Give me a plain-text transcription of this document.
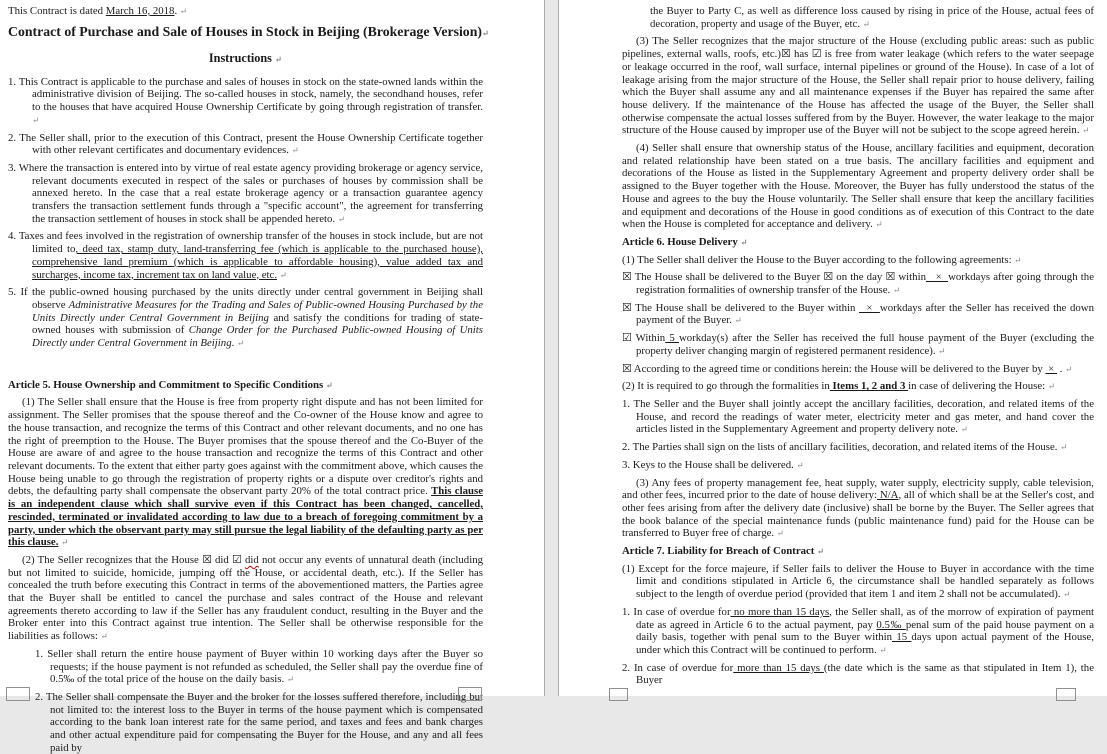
This Contract is dated March 16, 2018. ↵
Contract of Purchase and Sale of Houses in Stock in Beijing (Brokerage Version)↵
Instructions ↵
1. This Contract is applicable to the purchase and sales of houses in stock on the state-owned lands within the administrative division of Beijing. The so-called houses in stock, namely, the secondhand houses, refer to the houses that have acquired House Ownership Certificate by going through registration of transfer. ↵
2. The Seller shall, prior to the execution of this Contract, present the House Ownership Certificate together with other relevant certificates and documentary evidences. ↵
3. Where the transaction is entered into by virtue of real estate agency providing brokerage or agency service, relevant documents executed in respect of the sales or purchases of houses by commission shall be annexed hereto. In the case that a real estate brokerage agency or a transaction guarantee agency transfers the transaction settlement funds through a "specific account", the agreement for transferring the transaction settlement of houses in stock shall be appended hereto. ↵
4. Taxes and fees involved in the registration of ownership transfer of the houses in stock include, but are not limited to, deed tax, stamp duty, land-transferring fee (which is applicable to the purchased house), comprehensive land premium (which is applicable to affordable housing), value added tax and surcharges, income tax, increment tax on land value, etc. ↵
5. If the public-owned housing purchased by the units directly under central government in Beijing shall observe Administrative Measures for the Trading and Sales of Public-owned Housing Purchased by the Units Directly under Central Government in Beijing and satisfy the conditions for trading of state-owned houses with submission of Change Order for the Purchased Public-owned Housing of Units Directly under Central Government in Beijing. ↵
Article 5. House Ownership and Commitment to Specific Conditions ↵
(1) The Seller shall ensure that the House is free from property right dispute and has not been limited for assignment. The Seller promises that the spouse thereof and the Co-owner of the House know and agree to the house transaction, and recognize the terms of this Contract and other relevant documents, and no one has the right of preemption to the House. The Buyer promises that the spouse thereof and the Co-Buyer of the House are aware of and agree to the house transaction and recognize the terms of this Contract and other relevant documents. To the extent that either party goes against with the commitment above, which causes the House being unable to go through the registration of property rights or a dispute over creditor's rights and debts, the defaulting party shall compensate the observant party 20% of the total contract price. This clause is an independent clause which shall survive even if this Contract has been changed, cancelled, rescinded, terminated or invalidated according to law due to a breach of foregoing commitment by a party, under which the observant party may still pursue the legal liability of the defaulting party as per this clause. ↵
(2) The Seller recognizes that the House ☒ did ☑ did not occur any events of unnatural death (including but not limited to suicide, homicide, jumping off the House, or accidental death, etc.). If the Seller has concealed the truth before executing this Contract in terms of the abovementioned matters, the Parties agree that the Buyer shall be entitled to cancel the purchase and sales contract of the House and relevant agreements thereto according to law if the Seller has any fraudulent conduct, resulting in the Buyer and the Broker enter into this Contract against true intention. The Seller shall be otherwise responsible for the liabilities as follows: ↵
1. Seller shall return the entire house payment of Buyer within 10 working days after the Buyer so requests; if the house payment is not refunded as scheduled, the Seller shall pay the overdue fine of 0.5‰ of the total price of the house on the daily basis. ↵
2. The Seller shall compensate the Buyer and the broker for the losses suffered therefore, including but not limited to: the interest loss to the Buyer in terms of the house payment which is compensated according to the bank loan interest rate for the same period, and taxes and fees and bank charges and other actual expenditure paid for compensating the Buyer for the House, and any and all fees paid by
the Buyer to Party C, as well as difference loss caused by rising in price of the House, actual fees of decoration, property and usage of the Buyer, etc. ↵
(3) The Seller recognizes that the major structure of the House (excluding public areas: such as public pipelines, external walls, roofs, etc.)☒ has ☑ is free from water leakage (which refers to the water seepage or leakage occurred in the roof, wall surface, internal pipelines or ground of the House). In case of a lot of leakage arising from the major structure of the House, the Seller shall repair prior to house delivery, failing which the Buyer shall assume any and all maintenance expenses if the Buyer has repaired the same after house delivery. If the maintenance of the House has affected the usage of the Buyer, the Seller shall otherwise compensate the actual losses suffered from by the Buyer. However, the water leakage to the major structure of the House caused by improper use of the Buyer will not be subject to the scope agreed herein. ↵
(4) Seller shall ensure that ownership status of the House, ancillary facilities and equipment, decoration and related relationship have been stated on a true basis. The ancillary facilities and equipment and decorations of the House as listed in the Supplementary Agreement and property delivery order shall be assigned to the Buyer together with the House. Moreover, the Buyer has fully understood the status of the House and agrees to the buy the House voluntarily. The Seller shall ensure that keep the ancillary facilities and equipment and decorations of the House in good conditions as of execution of this Contract to the date when the House is completed for acceptance and delivery. ↵
Article 6. House Delivery ↵
(1) The Seller shall deliver the House to the Buyer according to the following agreements: ↵
☒ The House shall be delivered to the Buyer ☒ on the day ☒ within   ×  workdays after going through the registration formalities of ownership transfer of the House. ↵
☒ The House shall be delivered to the Buyer within   ×  workdays after the Seller has received the down payment of the Buyer. ↵
☑ Within 5 workday(s) after the Seller has received the full house payment of the Buyer (excluding the property deliver changing margin of registered permanent residence). ↵
☒ According to the agreed time or conditions herein: the House will be delivered to the Buyer by  ×  . ↵
(2) It is required to go through the formalities in Items 1, 2 and 3 in case of delivering the House: ↵
1. The Seller and the Buyer shall jointly accept the ancillary facilities, decoration, and related items of the House, and record the readings of water meter, electricity meter and gas meter, and hand cover the articles listed in the Supplementary Agreement and property delivery note. ↵
2. The Parties shall sign on the lists of ancillary facilities, decoration, and related items of the House. ↵
3. Keys to the House shall be delivered. ↵
(3) Any fees of property management fee, heat supply, water supply, electricity supply, cable television, and other fees, incurred prior to the date of house delivery: N/A, all of which shall be at the Seller's cost, and other fees arising from after the delivery date (inclusive) shall be borne by the Buyer. The Seller agrees that the book balance of the special maintenance funds (public maintenance fund) paid for the House can be transferred to Buyer free of charge. ↵
Article 7. Liability for Breach of Contract ↵
(1) Except for the force majeure, if Seller fails to deliver the House to Buyer in accordance with the time limit and conditions stipulated in Article 6, the circumstance shall be handled separately as follows subject to the length of overdue period (provided that item 1 and item 2 shall not be accumulated). ↵
1. In case of overdue for no more than 15 days, the Seller shall, as of the morrow of expiration of payment date as agreed in Article 6 to the actual payment, pay 0.5‰ penal sum of the paid house payment on a daily basis, together with penal sum to the Buyer within 15 days upon actual payment of the House, under which this Contract will be continued to perform. ↵
2. In case of overdue for more than 15 days (the date which is the same as that stipulated in Item 1), the Buyer
